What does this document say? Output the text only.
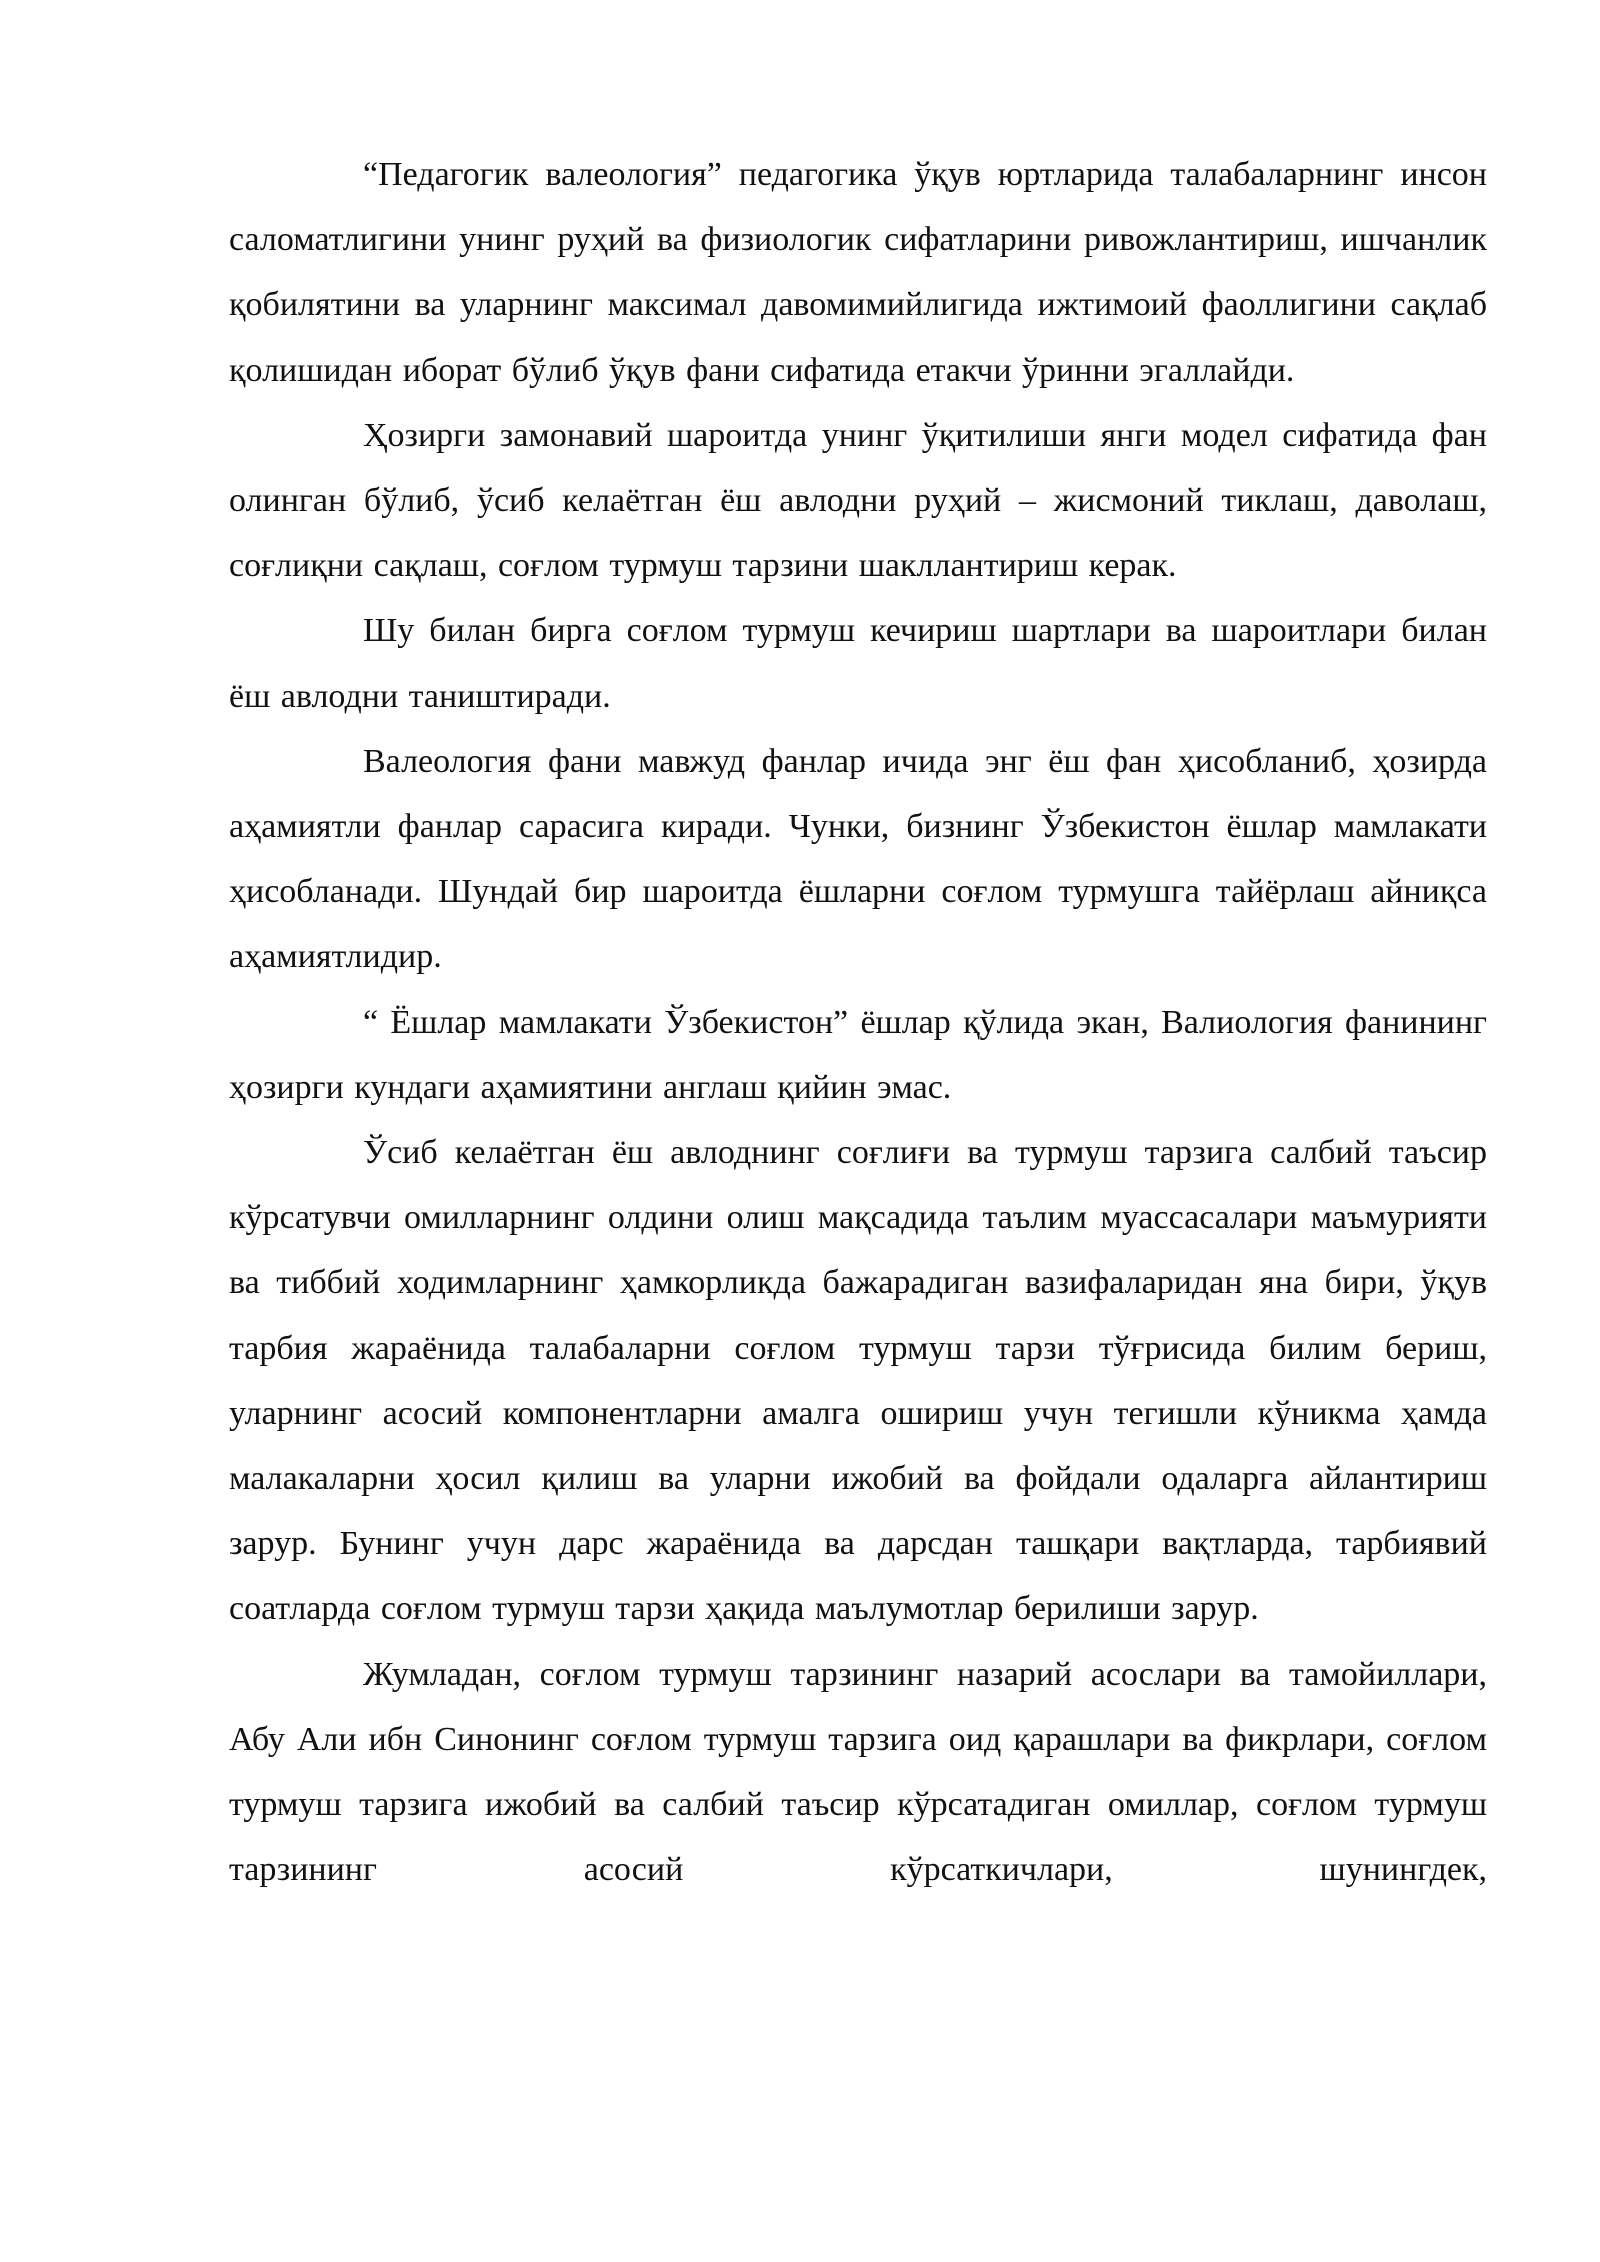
“Педагогик валеология” педагогика ўқув юртларида талабаларнинг инсон саломатлигини унинг руҳий ва физиологик сифатларини ривожлантириш, ишчанлик қобилятини ва уларнинг максимал давомимийлигида ижтимоий фаоллигини сақлаб қолишидан иборат бўлиб ўқув фани сифатида етакчи ўринни эгаллайди.

Ҳозирги замонавий шароитда унинг ўқитилиши янги модел сифатида фан олинган бўлиб, ўсиб келаётган ёш авлодни руҳий – жисмоний тиклаш, даволаш, соғлиқни сақлаш, соғлом турмуш тарзини шакллантириш керак.

Шу билан бирга соғлом турмуш кечириш шартлари ва шароитлари билан ёш авлодни таништиради.

Валеология фани мавжуд фанлар ичида энг ёш фан ҳисобланиб, ҳозирда аҳамиятли фанлар сарасига киради. Чунки, бизнинг Ўзбекистон ёшлар мамлакати ҳисобланади. Шундай бир шароитда ёшларни соғлом турмушга тайёрлаш айниқса аҳамиятлидир.

“ Ёшлар мамлакати Ўзбекистон” ёшлар қўлида экан, Валиология фанининг ҳозирги кундаги аҳамиятини англаш қийин эмас.

Ўсиб келаётган ёш авлоднинг соғлиғи ва турмуш тарзига салбий таъсир кўрсатувчи омилларнинг олдини олиш мақсадида таълим муассасалари маъмурияти ва тиббий ходимларнинг ҳамкорликда бажарадиган вазифаларидан яна бири, ўқув тарбия жараёнида талабаларни соғлом турмуш тарзи тўғрисида билим бериш, уларнинг асосий компонентларни амалга ошириш учун тегишли кўникма ҳамда малакаларни ҳосил қилиш ва уларни ижобий ва фойдали одаларга айлантириш зарур. Бунинг учун дарс жараёнида ва дарсдан ташқари вақтларда, тарбиявий соатларда соғлом турмуш тарзи ҳақида маълумотлар берилиши зарур.

Жумладан, соғлом турмуш тарзининг назарий асослари ва тамойиллари, Абу Али ибн Синонинг соғлом турмуш тарзига оид қарашлари ва фикрлари, соғлом турмуш тарзига ижобий ва салбий таъсир кўрсатадиган омиллар, соғлом турмуш тарзининг асосий кўрсаткичлари, шунингдек,
